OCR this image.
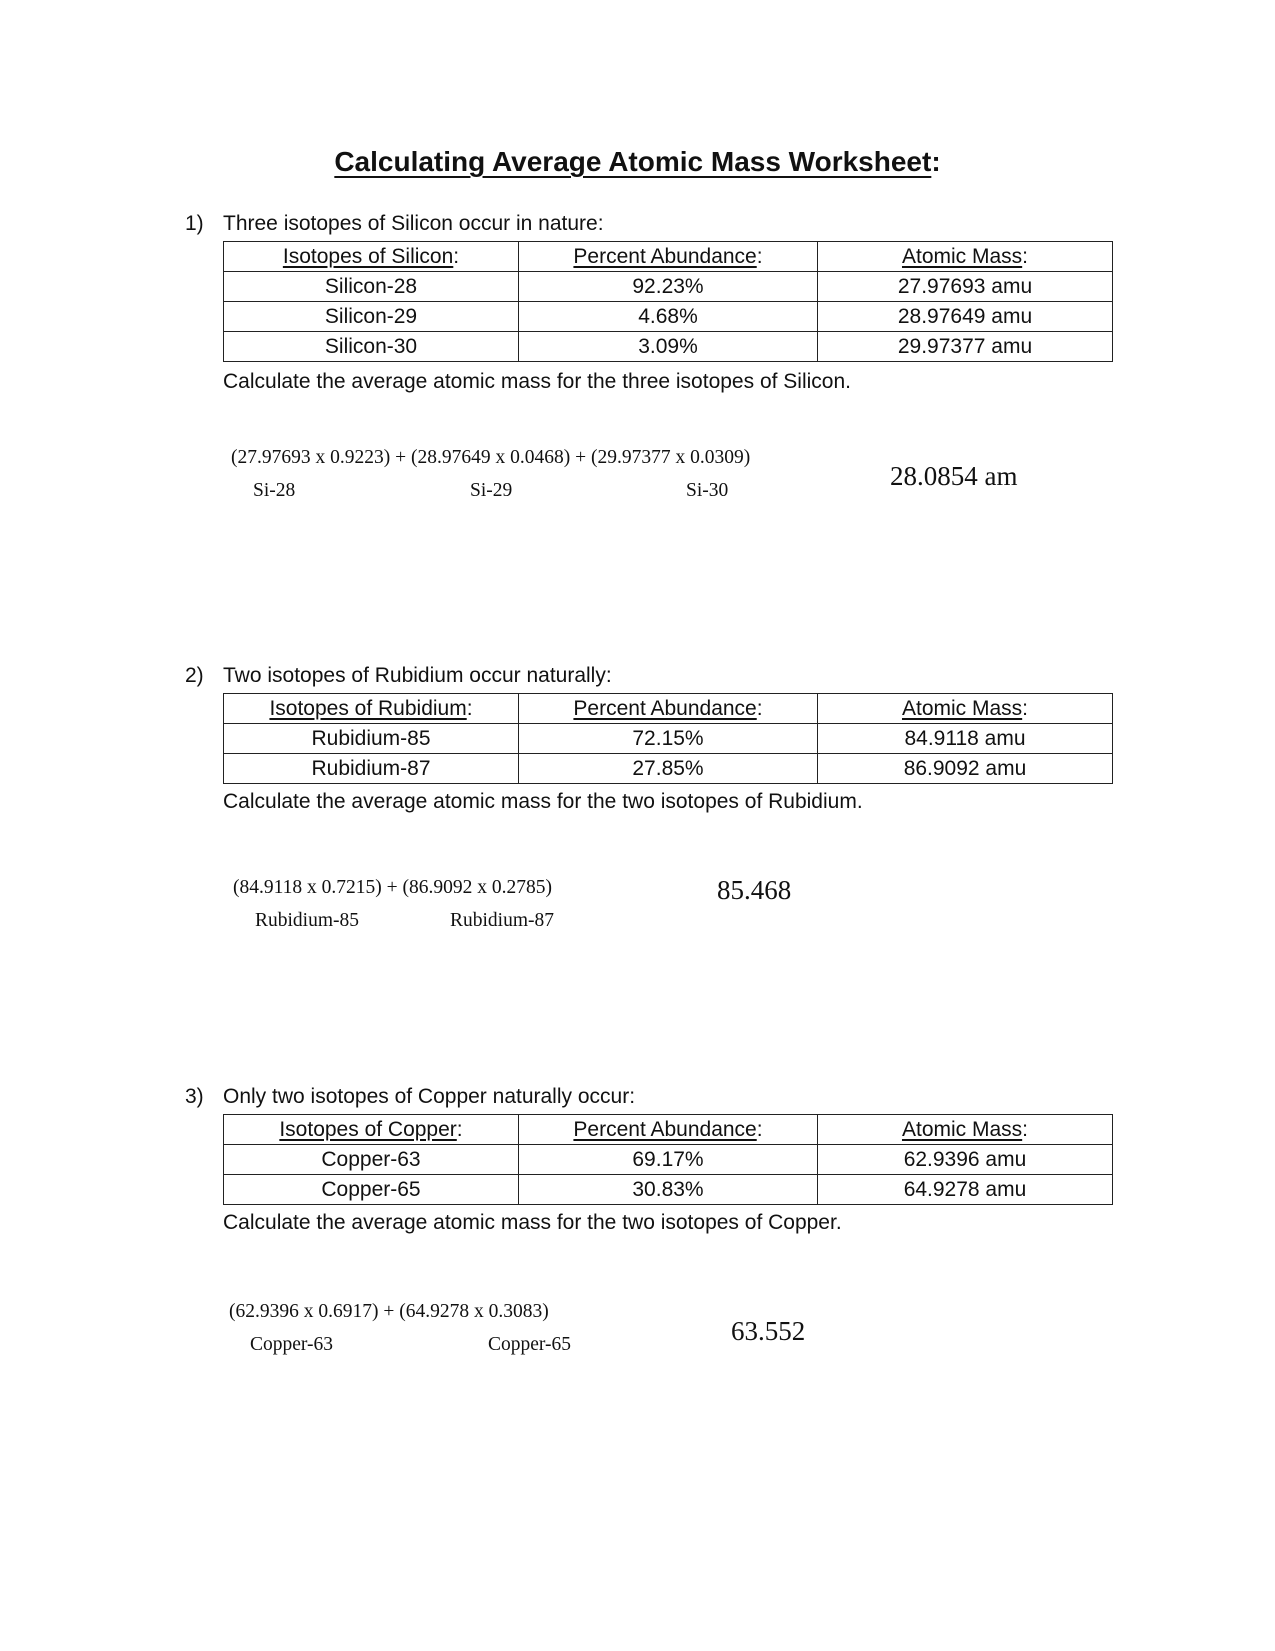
Calculating Average Atomic Mass Worksheet:
1) Three isotopes of Silicon occur in nature:
Isotopes of Silicon:	Percent Abundance:	Atomic Mass:
Silicon-28	92.23%	27.97693 amu
Silicon-29	4.68%	28.97649 amu
Silicon-30	3.09%	29.97377 amu
Calculate the average atomic mass for the three isotopes of Silicon.
(27.97693 x 0.9223) + (28.97649 x 0.0468) + (29.97377 x 0.0309)
Si-28	Si-29	Si-30	28.0854 am
2) Two isotopes of Rubidium occur naturally:
Isotopes of Rubidium:	Percent Abundance:	Atomic Mass:
Rubidium-85	72.15%	84.9118 amu
Rubidium-87	27.85%	86.9092 amu
Calculate the average atomic mass for the two isotopes of Rubidium.
(84.9118 x 0.7215) + (86.9092 x 0.2785)
Rubidium-85	Rubidium-87
85.468
3) Only two isotopes of Copper naturally occur:
Isotopes of Copper:	Percent Abundance:	Atomic Mass:
Copper-63	69.17%	62.9396 amu
Copper-65	30.83%	64.9278 amu
Calculate the average atomic mass for the two isotopes of Copper.
(62.9396 x 0.6917) + (64.9278 x 0.3083)
Copper-63	Copper-65	63.552
